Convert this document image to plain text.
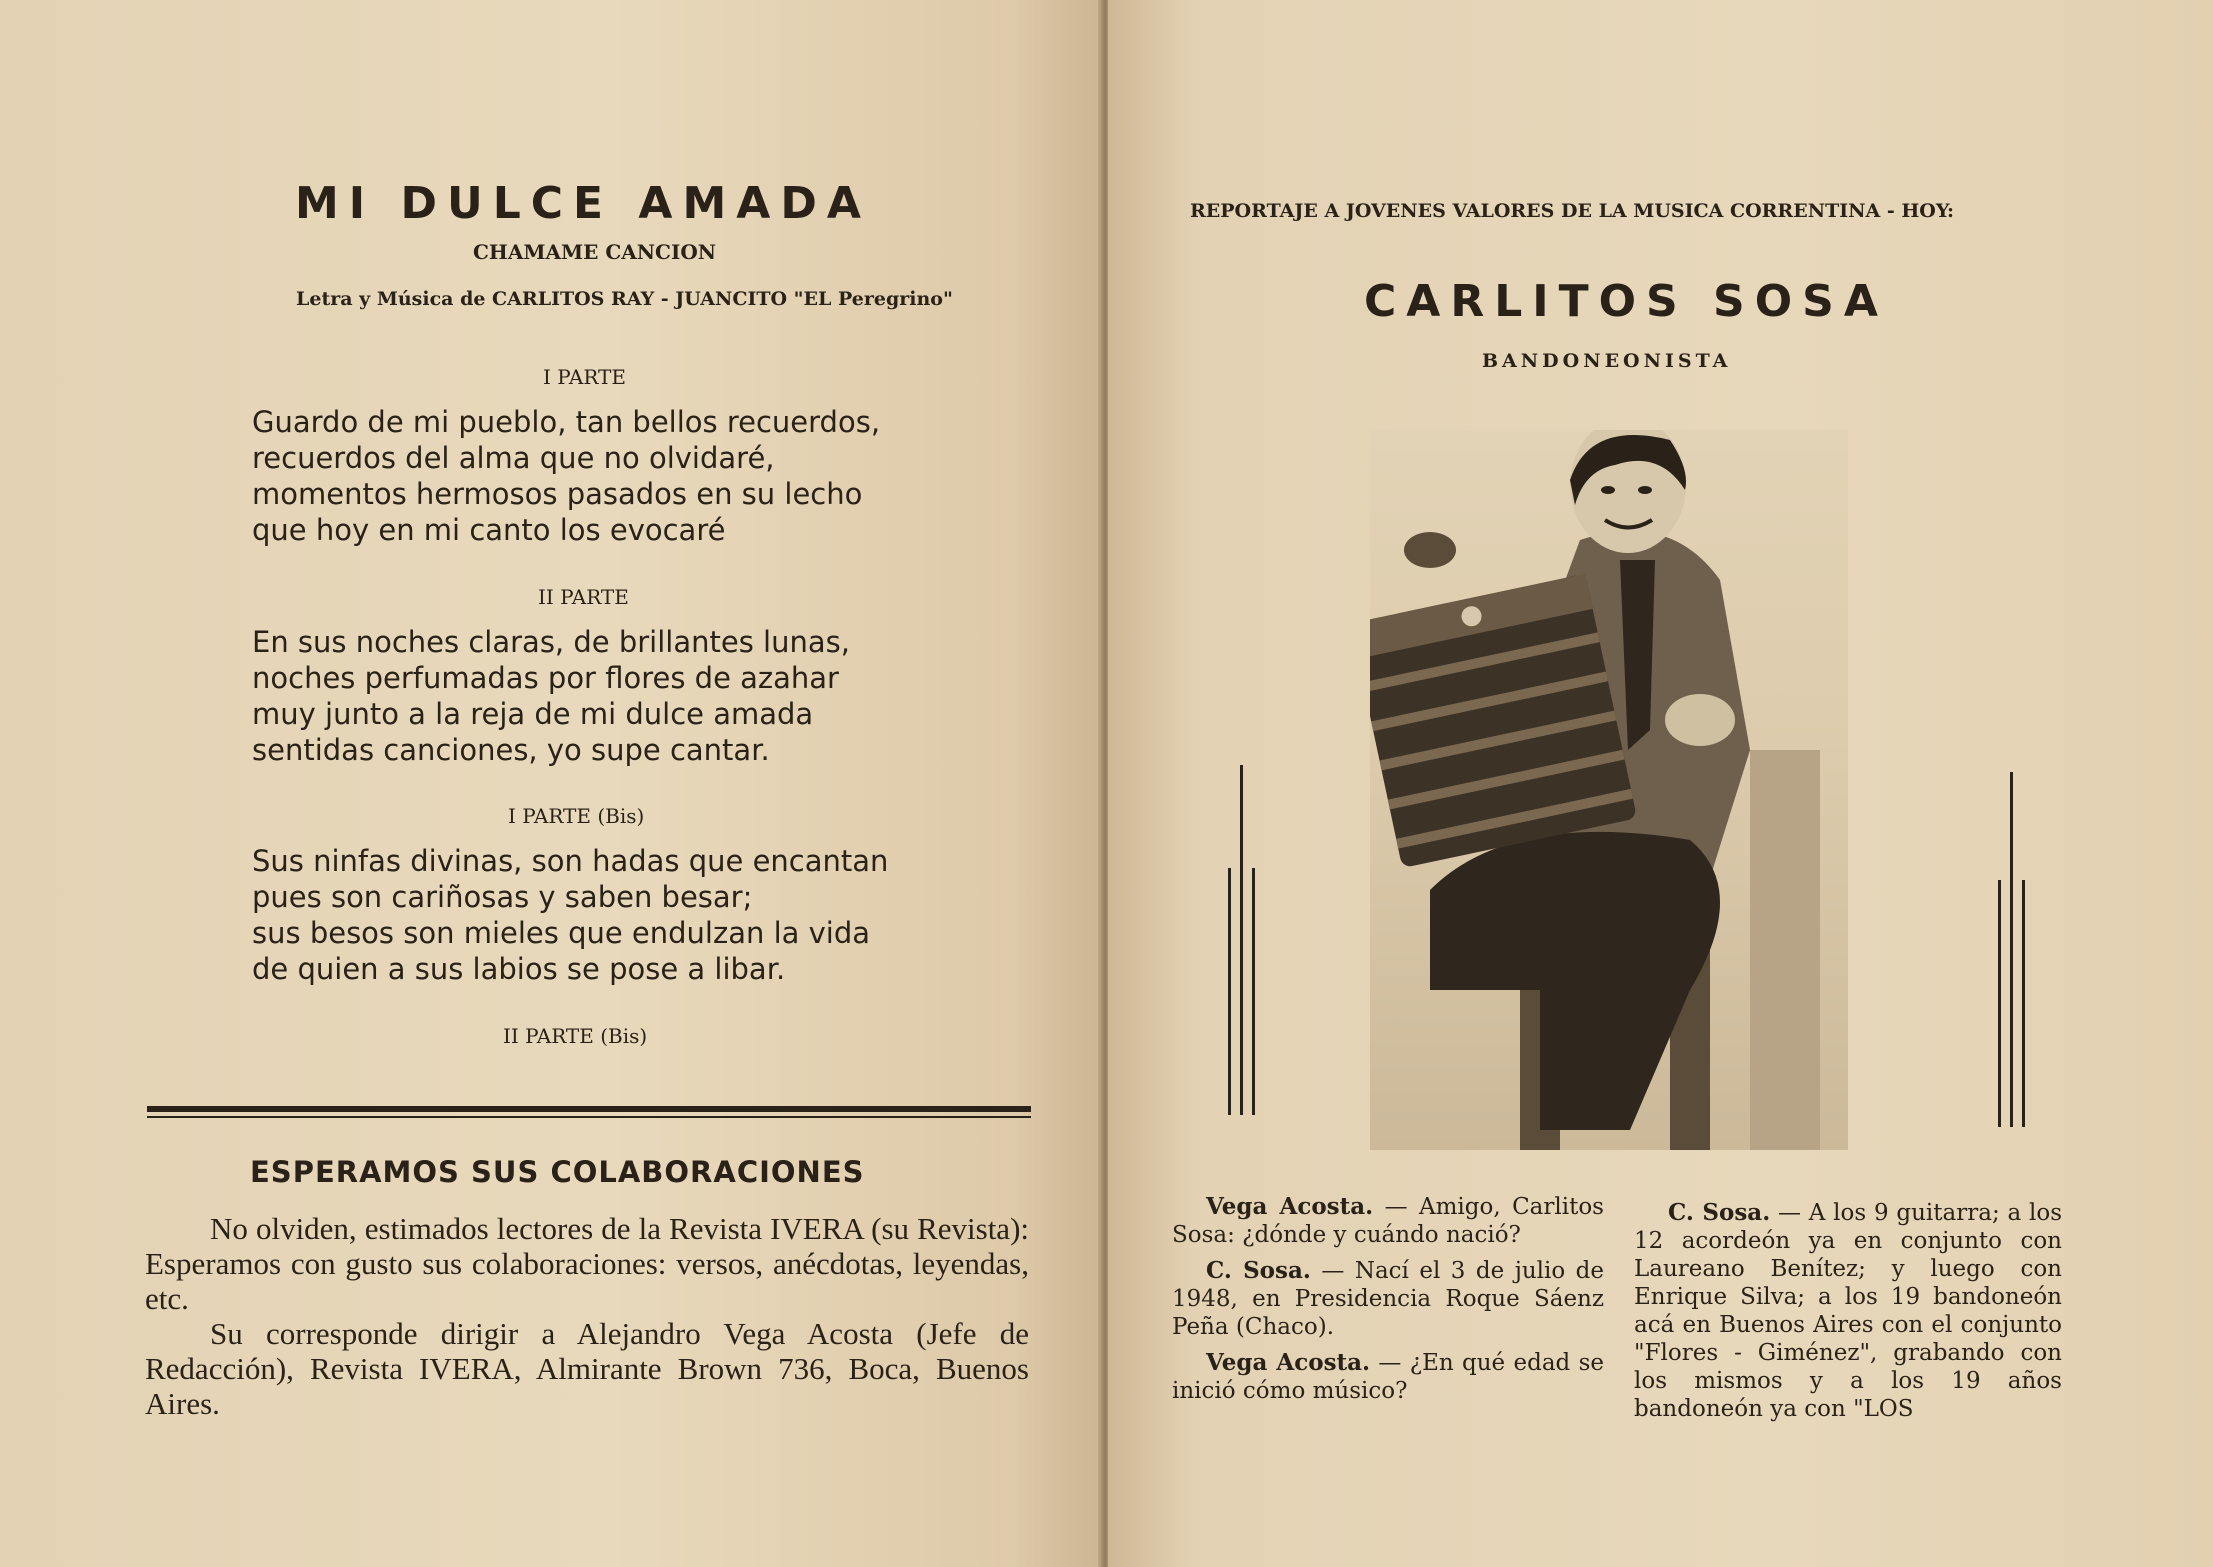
MI DULCE AMADA
CHAMAME CANCION
Letra y Música de CARLITOS RAY - JUANCITO "EL Peregrino"
I PARTE
Guardo de mi pueblo, tan bellos recuerdos,
recuerdos del alma que no olvidaré,
momentos hermosos pasados en su lecho
que hoy en mi canto los evocaré
II PARTE
En sus noches claras, de brillantes lunas,
noches perfumadas por flores de azahar
muy junto a la reja de mi dulce amada
sentidas canciones, yo supe cantar.
I PARTE (Bis)
Sus ninfas divinas, son hadas que encantan
pues son cariñosas y saben besar;
sus besos son mieles que endulzan la vida
de quien a sus labios se pose a libar.
II PARTE (Bis)
ESPERAMOS SUS COLABORACIONES

No olviden, estimados lectores de la Revista IVERA (su Revista): Esperamos con gusto sus colaboraciones: versos, anécdotas, leyendas, etc.

Su corresponde dirigir a Alejandro Vega Acosta (Jefe de Redacción), Revista IVERA, Almirante Brown 736, Boca, Buenos Aires.

REPORTAJE A JOVENES VALORES DE LA MUSICA CORRENTINA - HOY:
CARLITOS SOSA
BANDONEONISTA

Vega Acosta. — Amigo, Carlitos Sosa: ¿dónde y cuándo nació?

C. Sosa. — Nací el 3 de julio de 1948, en Presidencia Roque Sáenz Peña (Chaco).

Vega Acosta. — ¿En qué edad se inició cómo músico?

C. Sosa. — A los 9 guitarra; a los 12 acordeón ya en conjunto con Laureano Benítez; y luego con Enrique Silva; a los 19 bandoneón acá en Buenos Aires con el conjunto "Flores - Giménez", grabando con los mismos y a los 19 años bandoneón ya con "LOS
